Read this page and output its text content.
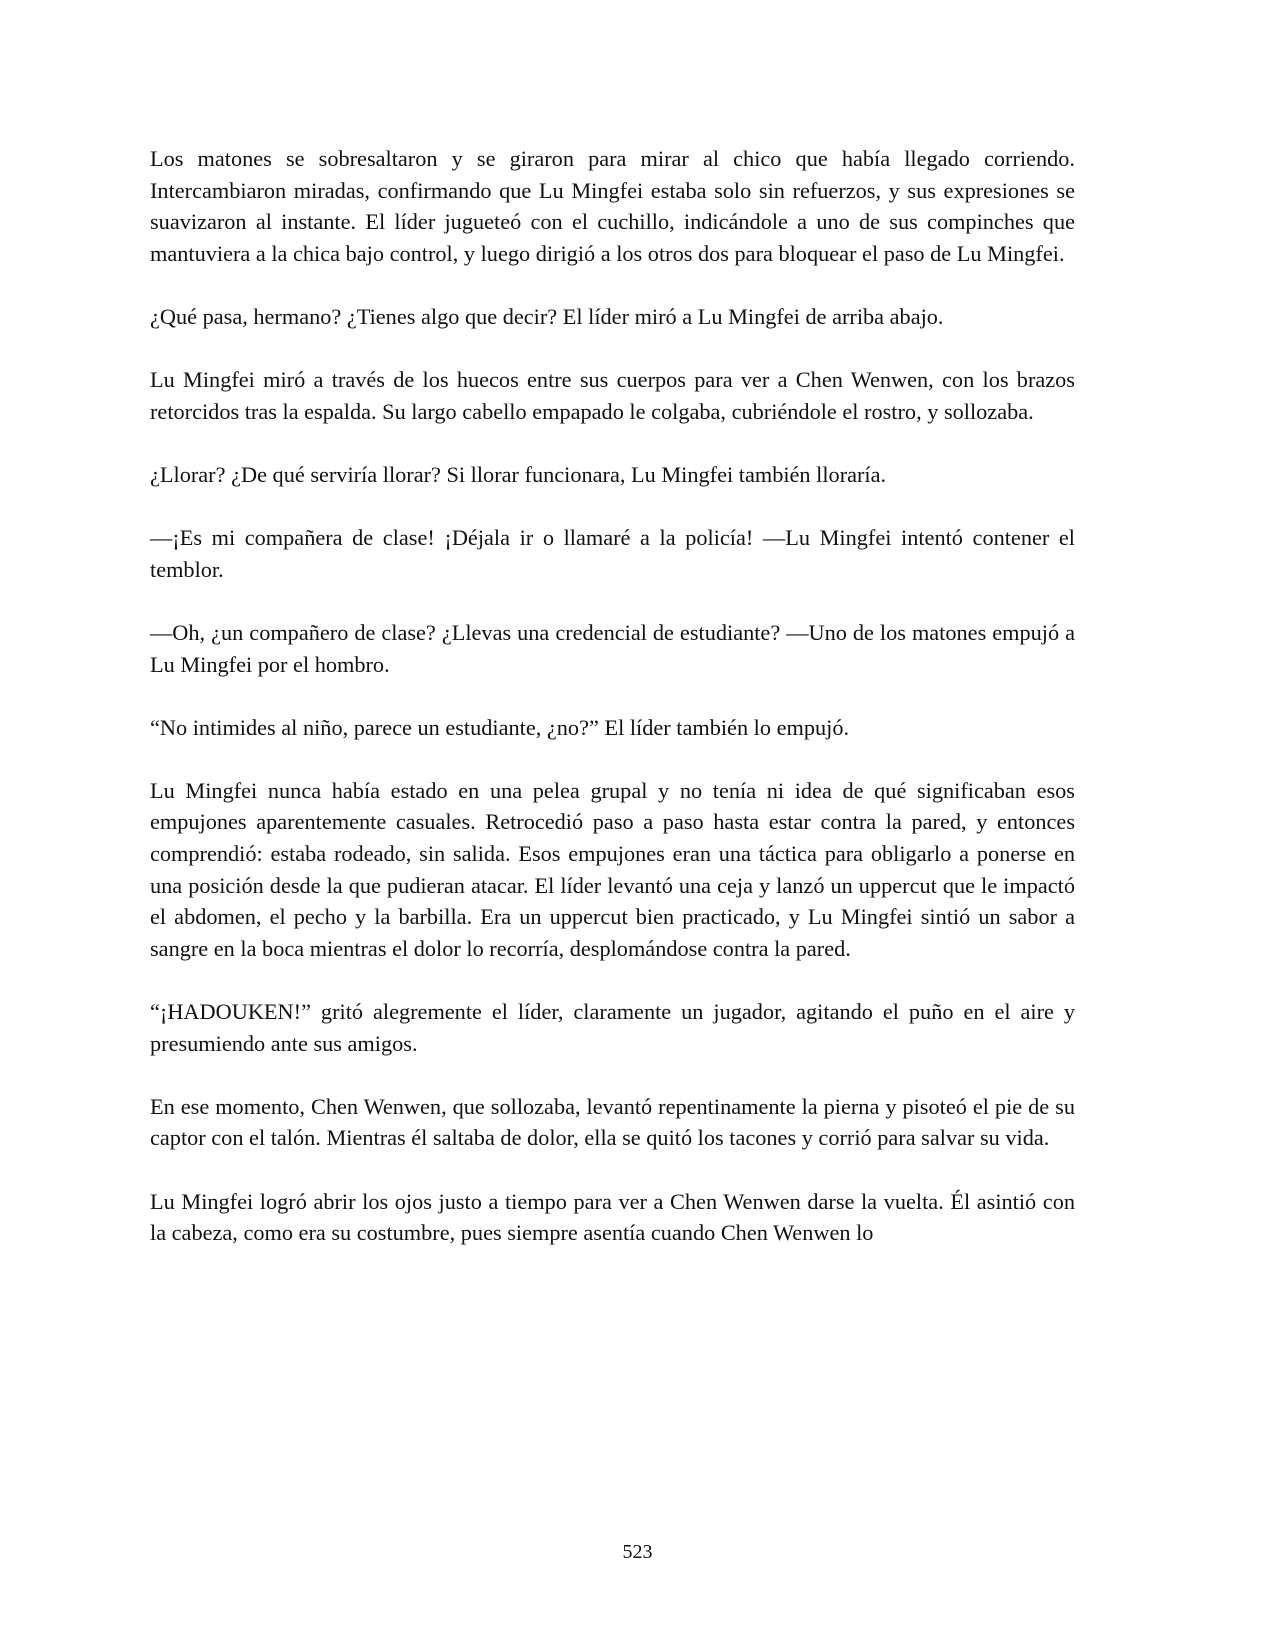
Los matones se sobresaltaron y se giraron para mirar al chico que había llegado corriendo. Intercambiaron miradas, confirmando que Lu Mingfei estaba solo sin refuerzos, y sus expresiones se suavizaron al instante. El líder jugueteó con el cuchillo, indicándole a uno de sus compinches que mantuviera a la chica bajo control, y luego dirigió a los otros dos para bloquear el paso de Lu Mingfei.

¿Qué pasa, hermano? ¿Tienes algo que decir? El líder miró a Lu Mingfei de arriba abajo.

Lu Mingfei miró a través de los huecos entre sus cuerpos para ver a Chen Wenwen, con los brazos retorcidos tras la espalda. Su largo cabello empapado le colgaba, cubriéndole el rostro, y sollozaba.

¿Llorar? ¿De qué serviría llorar? Si llorar funcionara, Lu Mingfei también lloraría.

—¡Es mi compañera de clase! ¡Déjala ir o llamaré a la policía! —Lu Mingfei intentó contener el temblor.

—Oh, ¿un compañero de clase? ¿Llevas una credencial de estudiante? —Uno de los matones empujó a Lu Mingfei por el hombro.

“No intimides al niño, parece un estudiante, ¿no?” El líder también lo empujó.

Lu Mingfei nunca había estado en una pelea grupal y no tenía ni idea de qué significaban esos empujones aparentemente casuales. Retrocedió paso a paso hasta estar contra la pared, y entonces comprendió: estaba rodeado, sin salida. Esos empujones eran una táctica para obligarlo a ponerse en una posición desde la que pudieran atacar. El líder levantó una ceja y lanzó un uppercut que le impactó el abdomen, el pecho y la barbilla. Era un uppercut bien practicado, y Lu Mingfei sintió un sabor a sangre en la boca mientras el dolor lo recorría, desplomándose contra la pared.

“¡HADOUKEN!” gritó alegremente el líder, claramente un jugador, agitando el puño en el aire y presumiendo ante sus amigos.

En ese momento, Chen Wenwen, que sollozaba, levantó repentinamente la pierna y pisoteó el pie de su captor con el talón. Mientras él saltaba de dolor, ella se quitó los tacones y corrió para salvar su vida.

Lu Mingfei logró abrir los ojos justo a tiempo para ver a Chen Wenwen darse la vuelta. Él asintió con la cabeza, como era su costumbre, pues siempre asentía cuando Chen Wenwen lo

523
